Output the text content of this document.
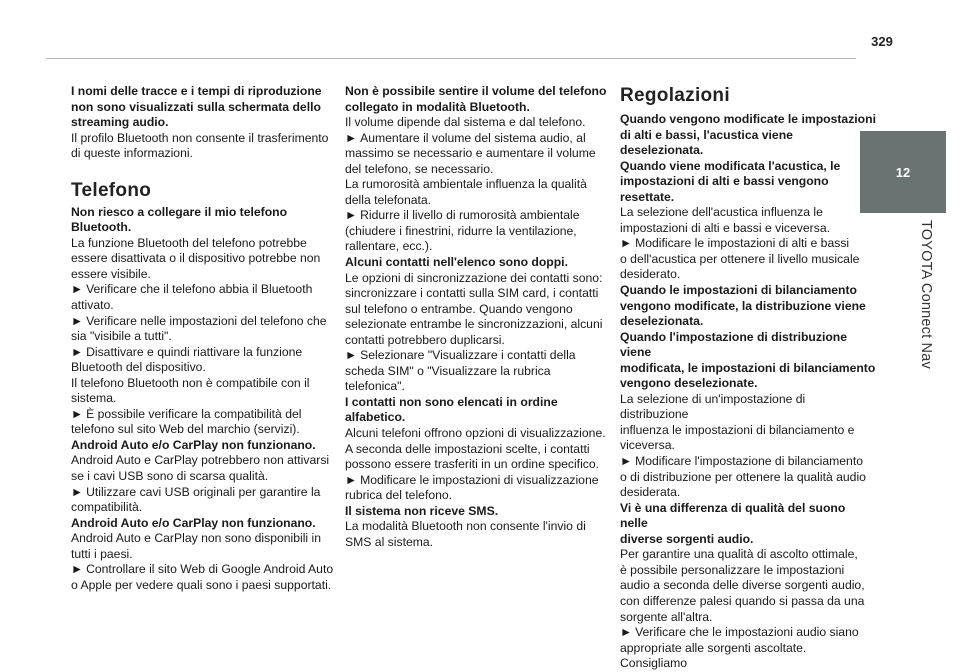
329
12
TOYOTA Connect Nav

I nomi delle tracce e i tempi di riproduzione
non sono visualizzati sulla schermata dello
streaming audio.

Il profilo Bluetooth non consente il trasferimento
di queste informazioni.

Telefono

Non riesco a collegare il mio telefono
Bluetooth.

La funzione Bluetooth del telefono potrebbe
essere disattivata o il dispositivo potrebbe non
essere visibile.

► Verificare che il telefono abbia il Bluetooth
attivato.

► Verificare nelle impostazioni del telefono che
sia "visibile a tutti".

► Disattivare e quindi riattivare la funzione
Bluetooth del dispositivo.

Il telefono Bluetooth non è compatibile con il
sistema.

► È possibile verificare la compatibilità del
telefono sul sito Web del marchio (servizi).

Android Auto e/o CarPlay non funzionano.

Android Auto e CarPlay potrebbero non attivarsi
se i cavi USB sono di scarsa qualità.

► Utilizzare cavi USB originali per garantire la
compatibilità.

Android Auto e/o CarPlay non funzionano.

Android Auto e CarPlay non sono disponibili in
tutti i paesi.

► Controllare il sito Web di Google Android Auto
o Apple per vedere quali sono i paesi supportati.

Non è possibile sentire il volume del telefono
collegato in modalità Bluetooth.

Il volume dipende dal sistema e dal telefono.

► Aumentare il volume del sistema audio, al
massimo se necessario e aumentare il volume
del telefono, se necessario.

La rumorosità ambientale influenza la qualità
della telefonata.

► Ridurre il livello di rumorosità ambientale
(chiudere i finestrini, ridurre la ventilazione,
rallentare, ecc.).

Alcuni contatti nell'elenco sono doppi.

Le opzioni di sincronizzazione dei contatti sono:
sincronizzare i contatti sulla SIM card, i contatti
sul telefono o entrambe. Quando vengono
selezionate entrambe le sincronizzazioni, alcuni
contatti potrebbero duplicarsi.

► Selezionare "Visualizzare i contatti della
scheda SIM" o "Visualizzare la rubrica
telefonica".

I contatti non sono elencati in ordine
alfabetico.

Alcuni telefoni offrono opzioni di visualizzazione.
A seconda delle impostazioni scelte, i contatti
possono essere trasferiti in un ordine specifico.

► Modificare le impostazioni di visualizzazione
rubrica del telefono.

Il sistema non riceve SMS.

La modalità Bluetooth non consente l'invio di
SMS al sistema.

Regolazioni

Quando vengono modificate le impostazioni
di alti e bassi, l'acustica viene deselezionata.
Quando viene modificata l'acustica, le
impostazioni di alti e bassi vengono
resettate.

La selezione dell'acustica influenza le
impostazioni di alti e bassi e viceversa.

► Modificare le impostazioni di alti e bassi
o dell'acustica per ottenere il livello musicale
desiderato.

Quando le impostazioni di bilanciamento
vengono modificate, la distribuzione viene
deselezionata.
Quando l'impostazione di distribuzione viene
modificata, le impostazioni di bilanciamento
vengono deselezionate.

La selezione di un'impostazione di distribuzione
influenza le impostazioni di bilanciamento e
viceversa.

► Modificare l'impostazione di bilanciamento
o di distribuzione per ottenere la qualità audio
desiderata.

Vi è una differenza di qualità del suono nelle
diverse sorgenti audio.

Per garantire una qualità di ascolto ottimale,
è possibile personalizzare le impostazioni
audio a seconda delle diverse sorgenti audio,
con differenze palesi quando si passa da una
sorgente all'altra.

► Verificare che le impostazioni audio siano
appropriate alle sorgenti ascoltate. Consigliamo
